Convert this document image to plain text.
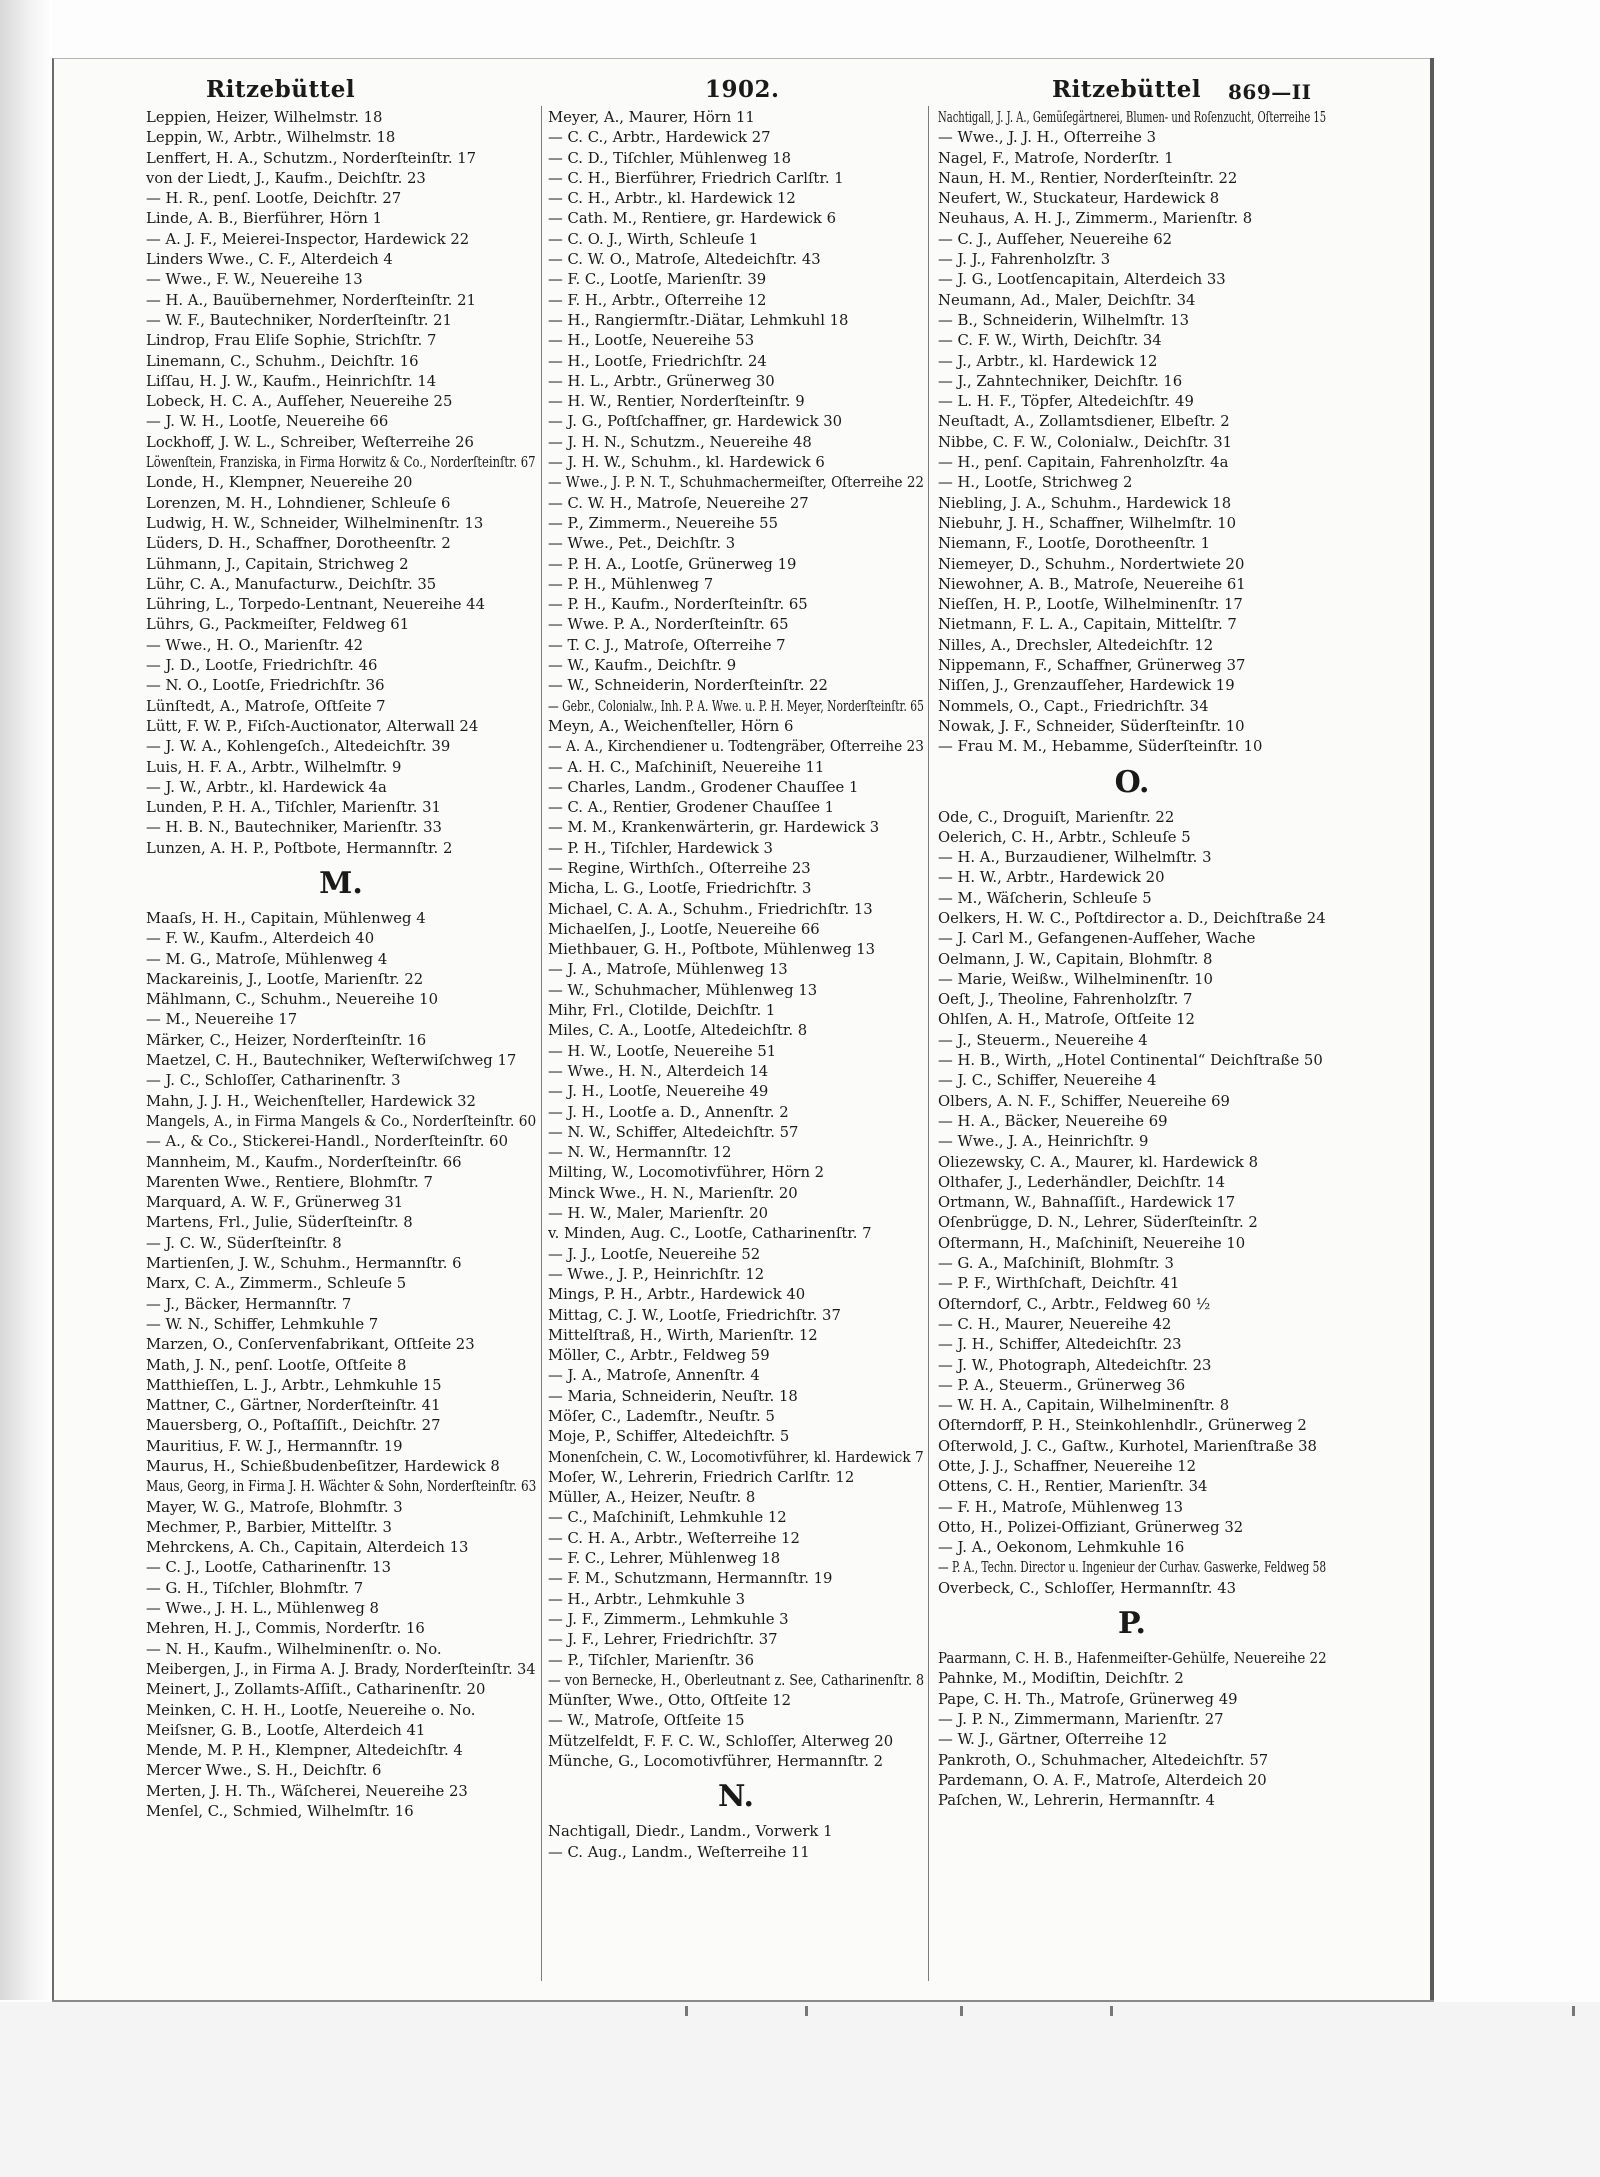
Ritzebüttel	1902.	Ritzebüttel 869—II
Leppien, Heizer, Wilhelmstr. 18
Leppin, W., Arbtr., Wilhelmstr. 18
Lenffert, H. A., Schutzm., Norderſteinſtr. 17
von der Liedt, J., Kaufm., Deichſtr. 23
— H. R., penſ. Lootſe, Deichſtr. 27
Linde, A. B., Bierführer, Hörn 1
— A. J. F., Meierei-Inspector, Hardewick 22
Linders Wwe., C. F., Alterdeich 4
— Wwe., F. W., Neuereihe 13
— H. A., Bauübernehmer, Norderſteinſtr. 21
— W. F., Bautechniker, Norderſteinſtr. 21
Lindrop, Frau Eliſe Sophie, Strichſtr. 7
Linemann, C., Schuhm., Deichſtr. 16
Liſſau, H. J. W., Kaufm., Heinrichſtr. 14
Lobeck, H. C. A., Aufſeher, Neuereihe 25
— J. W. H., Lootſe, Neuereihe 66
Lockhoff, J. W. L., Schreiber, Weſterreihe 26
Löwenſtein, Franziska, in Firma Horwitz & Co., Norderſteinſtr. 67
Londe, H., Klempner, Neuereihe 20
Lorenzen, M. H., Lohndiener, Schleuſe 6
Ludwig, H. W., Schneider, Wilhelminenſtr. 13
Lüders, D. H., Schaffner, Dorotheenſtr. 2
Lühmann, J., Capitain, Strichweg 2
Lühr, C. A., Manufacturw., Deichſtr. 35
Lühring, L., Torpedo-Lentnant, Neuereihe 44
Lührs, G., Packmeiſter, Feldweg 61
— Wwe., H. O., Marienſtr. 42
— J. D., Lootſe, Friedrichſtr. 46
— N. O., Lootſe, Friedrichſtr. 36
Lünſtedt, A., Matroſe, Oſtſeite 7
Lütt, F. W. P., Fiſch-Auctionator, Alterwall 24
— J. W. A., Kohlengeſch., Altedeichſtr. 39
Luis, H. F. A., Arbtr., Wilhelmſtr. 9
— J. W., Arbtr., kl. Hardewick 4a
Lunden, P. H. A., Tiſchler, Marienſtr. 31
— H. B. N., Bautechniker, Marienſtr. 33
Lunzen, A. H. P., Poſtbote, Hermannſtr. 2
M.
Maaſs, H. H., Capitain, Mühlenweg 4
— F. W., Kaufm., Alterdeich 40
— M. G., Matroſe, Mühlenweg 4
Mackareinis, J., Lootſe, Marienſtr. 22
Mählmann, C., Schuhm., Neuereihe 10
— M., Neuereihe 17
Märker, C., Heizer, Norderſteinſtr. 16
Maetzel, C. H., Bautechniker, Weſterwiſchweg 17
— J. C., Schloſſer, Catharinenſtr. 3
Mahn, J. J. H., Weichenſteller, Hardewick 32
Mangels, A., in Firma Mangels & Co., Norderſteinſtr. 60
— A., & Co., Stickerei-Handl., Norderſteinſtr. 60
Mannheim, M., Kaufm., Norderſteinſtr. 66
Marenten Wwe., Rentiere, Blohmſtr. 7
Marquard, A. W. F., Grünerweg 31
Martens, Frl., Julie, Süderſteinſtr. 8
— J. C. W., Süderſteinſtr. 8
Martienſen, J. W., Schuhm., Hermannſtr. 6
Marx, C. A., Zimmerm., Schleuſe 5
— J., Bäcker, Hermannſtr. 7
— W. N., Schiffer, Lehmkuhle 7
Marzen, O., Conſervenfabrikant, Oſtſeite 23
Math, J. N., penſ. Lootſe, Oſtſeite 8
Matthieſſen, L. J., Arbtr., Lehmkuhle 15
Mattner, C., Gärtner, Norderſteinſtr. 41
Mauersberg, O., Poſtaſſiſt., Deichſtr. 27
Mauritius, F. W. J., Hermannſtr. 19
Maurus, H., Schießbudenbeſitzer, Hardewick 8
Maus, Georg, in Firma J. H. Wächter & Sohn, Norderſteinſtr. 63
Mayer, W. G., Matroſe, Blohmſtr. 3
Mechmer, P., Barbier, Mittelſtr. 3
Mehrckens, A. Ch., Capitain, Alterdeich 13
— C. J., Lootſe, Catharinenſtr. 13
— G. H., Tiſchler, Blohmſtr. 7
— Wwe., J. H. L., Mühlenweg 8
Mehren, H. J., Commis, Norderſtr. 16
— N. H., Kaufm., Wilhelminenſtr. o. No.
Meibergen, J., in Firma A. J. Brady, Norderſteinſtr. 34
Meinert, J., Zollamts-Aſſiſt., Catharinenſtr. 20
Meinken, C. H. H., Lootſe, Neuereihe o. No.
Meiſsner, G. B., Lootſe, Alterdeich 41
Mende, M. P. H., Klempner, Altedeichſtr. 4
Mercer Wwe., S. H., Deichſtr. 6
Merten, J. H. Th., Wäſcherei, Neuereihe 23
Menſel, C., Schmied, Wilhelmſtr. 16
Meyer, A., Maurer, Hörn 11
— C. C., Arbtr., Hardewick 27
— C. D., Tiſchler, Mühlenweg 18
— C. H., Bierführer, Friedrich Carlſtr. 1
— C. H., Arbtr., kl. Hardewick 12
— Cath. M., Rentiere, gr. Hardewick 6
— C. O. J., Wirth, Schleuſe 1
— C. W. O., Matroſe, Altedeichſtr. 43
— F. C., Lootſe, Marienſtr. 39
— F. H., Arbtr., Oſterreihe 12
— H., Rangiermſtr.-Diätar, Lehmkuhl 18
— H., Lootſe, Neuereihe 53
— H., Lootſe, Friedrichſtr. 24
— H. L., Arbtr., Grünerweg 30
— H. W., Rentier, Norderſteinſtr. 9
— J. G., Poſtſchaffner, gr. Hardewick 30
— J. H. N., Schutzm., Neuereihe 48
— J. H. W., Schuhm., kl. Hardewick 6
— Wwe., J. P. N. T., Schuhmachermeiſter, Oſterreihe 22
— C. W. H., Matroſe, Neuereihe 27
— P., Zimmerm., Neuereihe 55
— Wwe., Pet., Deichſtr. 3
— P. H. A., Lootſe, Grünerweg 19
— P. H., Mühlenweg 7
— P. H., Kaufm., Norderſteinſtr. 65
— Wwe. P. A., Norderſteinſtr. 65
— T. C. J., Matroſe, Oſterreihe 7
— W., Kaufm., Deichſtr. 9
— W., Schneiderin, Norderſteinſtr. 22
— Gebr., Colonialw., Inh. P. A. Wwe. u. P. H. Meyer, Norderſteinſtr. 65
Meyn, A., Weichenſteller, Hörn 6
— A. A., Kirchendiener u. Todtengräber, Oſterreihe 23
— A. H. C., Maſchiniſt, Neuereihe 11
— Charles, Landm., Grodener Chauſſee 1
— C. A., Rentier, Grodener Chauſſee 1
— M. M., Krankenwärterin, gr. Hardewick 3
— P. H., Tiſchler, Hardewick 3
— Regine, Wirthſch., Oſterreihe 23
Micha, L. G., Lootſe, Friedrichſtr. 3
Michael, C. A. A., Schuhm., Friedrichſtr. 13
Michaelſen, J., Lootſe, Neuereihe 66
Miethbauer, G. H., Poſtbote, Mühlenweg 13
— J. A., Matroſe, Mühlenweg 13
— W., Schuhmacher, Mühlenweg 13
Mihr, Frl., Clotilde, Deichſtr. 1
Miles, C. A., Lootſe, Altedeichſtr. 8
— H. W., Lootſe, Neuereihe 51
— Wwe., H. N., Alterdeich 14
— J. H., Lootſe, Neuereihe 49
— J. H., Lootſe a. D., Annenſtr. 2
— N. W., Schiffer, Altedeichſtr. 57
— N. W., Hermannſtr. 12
Milting, W., Locomotivführer, Hörn 2
Minck Wwe., H. N., Marienſtr. 20
— H. W., Maler, Marienſtr. 20
v. Minden, Aug. C., Lootſe, Catharinenſtr. 7
— J. J., Lootſe, Neuereihe 52
— Wwe., J. P., Heinrichſtr. 12
Mings, P. H., Arbtr., Hardewick 40
Mittag, C. J. W., Lootſe, Friedrichſtr. 37
Mittelſtraß, H., Wirth, Marienſtr. 12
Möller, C., Arbtr., Feldweg 59
— J. A., Matroſe, Annenſtr. 4
— Maria, Schneiderin, Neuſtr. 18
Möſer, C., Lademſtr., Neuſtr. 5
Moje, P., Schiffer, Altedeichſtr. 5
Monenſchein, C. W., Locomotivführer, kl. Hardewick 7
Moſer, W., Lehrerin, Friedrich Carlſtr. 12
Müller, A., Heizer, Neuſtr. 8
— C., Maſchiniſt, Lehmkuhle 12
— C. H. A., Arbtr., Weſterreihe 12
— F. C., Lehrer, Mühlenweg 18
— F. M., Schutzmann, Hermannſtr. 19
— H., Arbtr., Lehmkuhle 3
— J. F., Zimmerm., Lehmkuhle 3
— J. F., Lehrer, Friedrichſtr. 37
— P., Tiſchler, Marienſtr. 36
— von Bernecke, H., Oberleutnant z. See, Catharinenſtr. 8
Münſter, Wwe., Otto, Oſtſeite 12
— W., Matroſe, Oſtſeite 15
Mützelfeldt, F. F. C. W., Schloſſer, Alterweg 20
Münche, G., Locomotivführer, Hermannſtr. 2
N.
Nachtigall, Diedr., Landm., Vorwerk 1
— C. Aug., Landm., Weſterreihe 11
Nachtigall, J. J. A., Gemüſegärtnerei, Blumen- und Roſenzucht, Oſterreihe 15
— Wwe., J. J. H., Oſterreihe 3
Nagel, F., Matroſe, Norderſtr. 1
Naun, H. M., Rentier, Norderſteinſtr. 22
Neufert, W., Stuckateur, Hardewick 8
Neuhaus, A. H. J., Zimmerm., Marienſtr. 8
— C. J., Aufſeher, Neuereihe 62
— J. J., Fahrenholzſtr. 3
— J. G., Lootſencapitain, Alterdeich 33
Neumann, Ad., Maler, Deichſtr. 34
— B., Schneiderin, Wilhelmſtr. 13
— C. F. W., Wirth, Deichſtr. 34
— J., Arbtr., kl. Hardewick 12
— J., Zahntechniker, Deichſtr. 16
— L. H. F., Töpfer, Altedeichſtr. 49
Neuſtadt, A., Zollamtsdiener, Elbeſtr. 2
Nibbe, C. F. W., Colonialw., Deichſtr. 31
— H., penſ. Capitain, Fahrenholzſtr. 4a
— H., Lootſe, Strichweg 2
Niebling, J. A., Schuhm., Hardewick 18
Niebuhr, J. H., Schaffner, Wilhelmſtr. 10
Niemann, F., Lootſe, Dorotheenſtr. 1
Niemeyer, D., Schuhm., Nordertwiete 20
Niewohner, A. B., Matroſe, Neuereihe 61
Nieſſen, H. P., Lootſe, Wilhelminenſtr. 17
Nietmann, F. L. A., Capitain, Mittelſtr. 7
Nilles, A., Drechsler, Altedeichſtr. 12
Nippemann, F., Schaffner, Grünerweg 37
Niſſen, J., Grenzaufſeher, Hardewick 19
Nommels, O., Capt., Friedrichſtr. 34
Nowak, J. F., Schneider, Süderſteinſtr. 10
— Frau M. M., Hebamme, Süderſteinſtr. 10
O.
Ode, C., Droguiſt, Marienſtr. 22
Oelerich, C. H., Arbtr., Schleuſe 5
— H. A., Burzaudiener, Wilhelmſtr. 3
— H. W., Arbtr., Hardewick 20
— M., Wäſcherin, Schleuſe 5
Oelkers, H. W. C., Poſtdirector a. D., Deichſtraße 24
— J. Carl M., Gefangenen-Aufſeher, Wache
Oelmann, J. W., Capitain, Blohmſtr. 8
— Marie, Weißw., Wilhelminenſtr. 10
Oeſt, J., Theoline, Fahrenholzſtr. 7
Ohlſen, A. H., Matroſe, Oſtſeite 12
— J., Steuerm., Neuereihe 4
— H. B., Wirth, „Hotel Continental“ Deichſtraße 50
— J. C., Schiffer, Neuereihe 4
Olbers, A. N. F., Schiffer, Neuereihe 69
— H. A., Bäcker, Neuereihe 69
— Wwe., J. A., Heinrichſtr. 9
Oliezewsky, C. A., Maurer, kl. Hardewick 8
Olthafer, J., Lederhändler, Deichſtr. 14
Ortmann, W., Bahnaſſiſt., Hardewick 17
Oſenbrügge, D. N., Lehrer, Süderſteinſtr. 2
Oſtermann, H., Maſchiniſt, Neuereihe 10
— G. A., Maſchiniſt, Blohmſtr. 3
— P. F., Wirthſchaft, Deichſtr. 41
Oſterndorf, C., Arbtr., Feldweg 60 ½
— C. H., Maurer, Neuereihe 42
— J. H., Schiffer, Altedeichſtr. 23
— J. W., Photograph, Altedeichſtr. 23
— P. A., Steuerm., Grünerweg 36
— W. H. A., Capitain, Wilhelminenſtr. 8
Oſterndorff, P. H., Steinkohlenhdlr., Grünerweg 2
Oſterwold, J. C., Gaſtw., Kurhotel, Marienſtraße 38
Otte, J. J., Schaffner, Neuereihe 12
Ottens, C. H., Rentier, Marienſtr. 34
— F. H., Matroſe, Mühlenweg 13
Otto, H., Polizei-Offiziant, Grünerweg 32
— J. A., Oekonom, Lehmkuhle 16
— P. A., Techn. Director u. Ingenieur der Curhav. Gaswerke, Feldweg 58
Overbeck, C., Schloſſer, Hermannſtr. 43
P.
Paarmann, C. H. B., Hafenmeiſter-Gehülfe, Neuereihe 22
Pahnke, M., Modiſtin, Deichſtr. 2
Pape, C. H. Th., Matroſe, Grünerweg 49
— J. P. N., Zimmermann, Marienſtr. 27
— W. J., Gärtner, Oſterreihe 12
Pankroth, O., Schuhmacher, Altedeichſtr. 57
Pardemann, O. A. F., Matroſe, Alterdeich 20
Paſchen, W., Lehrerin, Hermannſtr. 4
